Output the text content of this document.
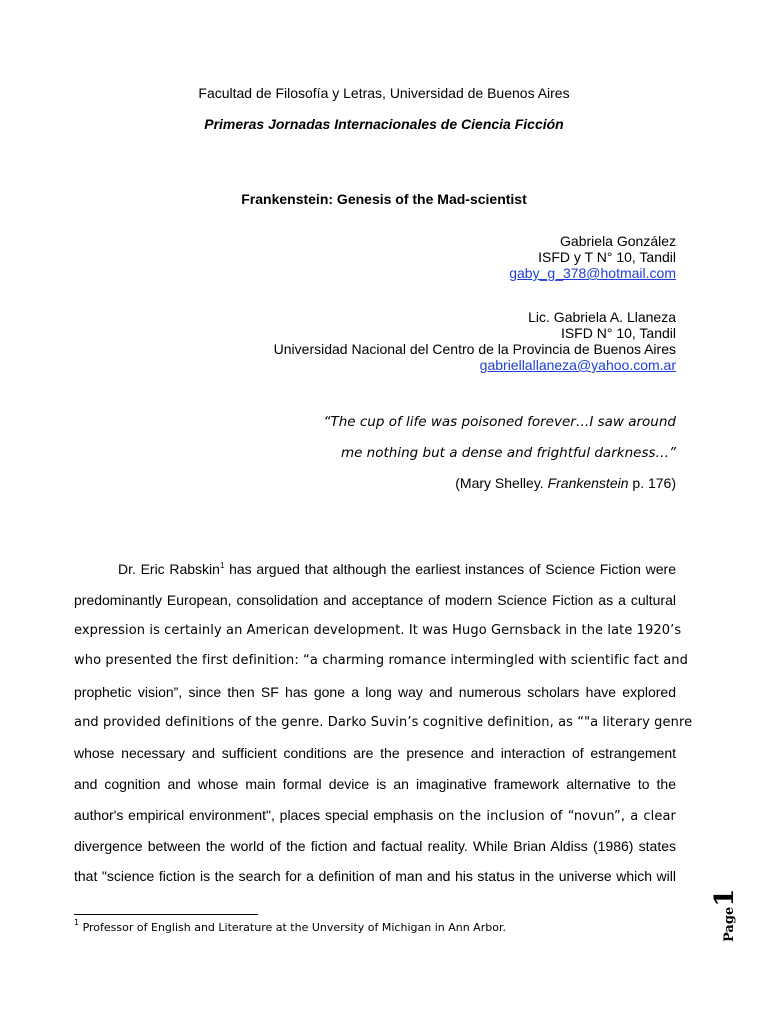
Facultad de Filosofía y Letras, Universidad de Buenos Aires
Primeras Jornadas Internacionales de Ciencia Ficción
Frankenstein: Genesis of the Mad-scientist
Gabriela González
ISFD y T N° 10, Tandil
gaby_g_378@hotmail.com
Lic. Gabriela A. Llaneza
ISFD N° 10, Tandil
Universidad Nacional del Centro de la Provincia de Buenos Aires
gabriellallaneza@yahoo.com.ar
“The cup of life was poisoned forever…I saw around
me nothing but a dense and frightful darkness…”
(Mary Shelley. Frankenstein p. 176)
Dr. Eric Rabskin$^1$ has argued that although the earliest instances of Science Fiction were
predominantly European, consolidation and acceptance of modern Science Fiction as a cultural
expression is certainly an American development. It was Hugo Gernsback in the late 1920’s
who presented the first definition: “a charming romance intermingled with scientific fact and
prophetic vision”, since then SF has gone a long way and numerous scholars have explored
and provided definitions of the genre. Darko Suvin’s cognitive definition, as “"a literary genre
whose necessary and sufficient conditions are the presence and interaction of estrangement
and cognition and whose main formal device is an imaginative framework alternative to the
author's empirical environment", places special emphasis on the inclusion of “novun”, a clear
divergence between the world of the fiction and factual reality. While Brian Aldiss (1986) states
that "science fiction is the search for a definition of man and his status in the universe which will
$^1$ Professor of English and Literature at the Unversity of Michigan in Ann Arbor.	Page1
